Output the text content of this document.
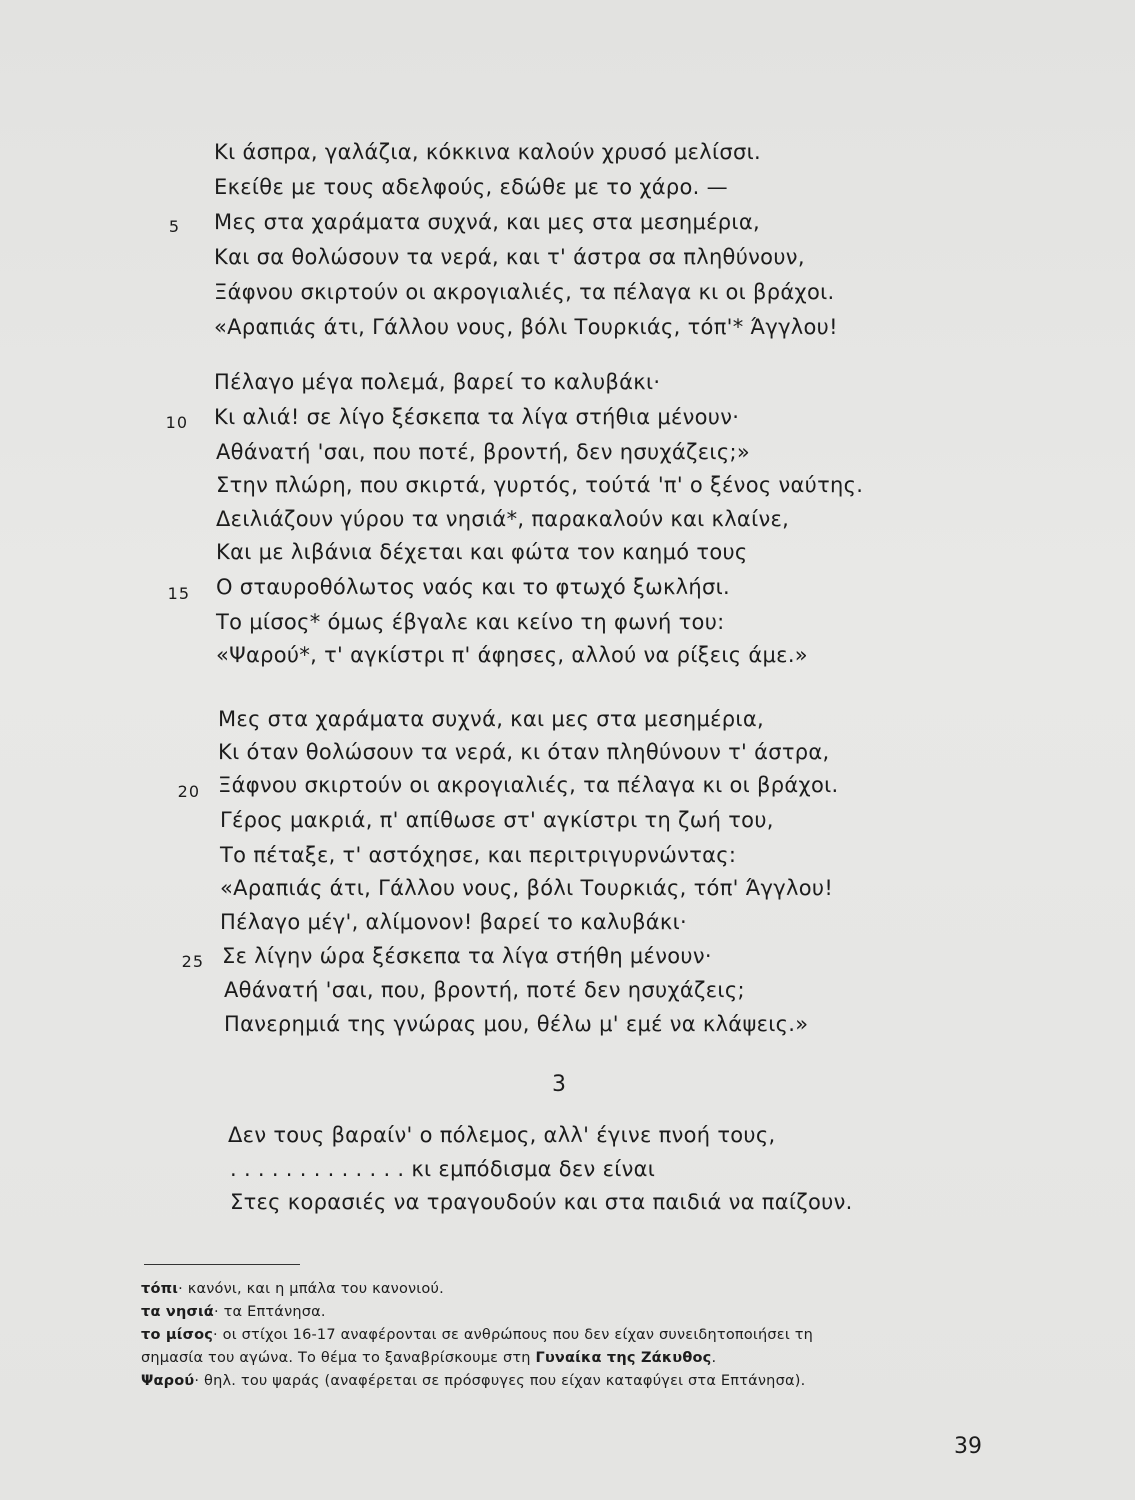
Κι άσπρα, γαλάζια, κόκκινα καλούν χρυσό μελίσσι.
Εκείθε με τους αδελφούς, εδώθε με το χάρο. —
5 Μες στα χαράματα συχνά, και μες στα μεσημέρια,
Και σα θολώσουν τα νερά, και τ' άστρα σα πληθύνουν,
Ξάφνου σκιρτούν οι ακρογιαλιές, τα πέλαγα κι οι βράχοι.
«Αραπιάς άτι, Γάλλου νους, βόλι Τουρκιάς, τόπ'* Άγγλου!
Πέλαγο μέγα πολεμά, βαρεί το καλυβάκι·
10 Κι αλιά! σε λίγο ξέσκεπα τα λίγα στήθια μένουν·
Αθάνατή 'σαι, που ποτέ, βροντή, δεν ησυχάζεις;»
Στην πλώρη, που σκιρτά, γυρτός, τούτά 'π' ο ξένος ναύτης.
Δειλιάζουν γύρου τα νησιά*, παρακαλούν και κλαίνε,
Και με λιβάνια δέχεται και φώτα τον καημό τους
15 Ο σταυροθόλωτος ναός και το φτωχό ξωκλήσι.
Το μίσος* όμως έβγαλε και κείνο τη φωνή του:
«Ψαρού*, τ' αγκίστρι π' άφησες, αλλού να ρίξεις άμε.»
Μες στα χαράματα συχνά, και μες στα μεσημέρια,
Κι όταν θολώσουν τα νερά, κι όταν πληθύνουν τ' άστρα,
20 Ξάφνου σκιρτούν οι ακρογιαλιές, τα πέλαγα κι οι βράχοι.
Γέρος μακριά, π' απίθωσε στ' αγκίστρι τη ζωή του,
Το πέταξε, τ' αστόχησε, και περιτριγυρνώντας:
«Αραπιάς άτι, Γάλλου νους, βόλι Τουρκιάς, τόπ' Άγγλου!
Πέλαγο μέγ', αλίμονον! βαρεί το καλυβάκι·
25 Σε λίγην ώρα ξέσκεπα τα λίγα στήθη μένουν·
Αθάνατή 'σαι, που, βροντή, ποτέ δεν ησυχάζεις;
Πανερημιά της γνώρας μου, θέλω μ' εμέ να κλάψεις.»
3
Δεν τους βαραίν' ο πόλεμος, αλλ' έγινε πνοή τους,
. . . . . . . . . . . . . κι εμπόδισμα δεν είναι
Στες κορασιές να τραγουδούν και στα παιδιά να παίζουν.
τόπι· κανόνι, και η μπάλα του κανονιού.
τα νησιά· τα Επτάνησα.
το μίσος· οι στίχοι 16-17 αναφέρονται σε ανθρώπους που δεν είχαν συνειδητοποιήσει τη
σημασία του αγώνα. Το θέμα το ξαναβρίσκουμε στη Γυναίκα της Ζάκυθος.
Ψαρού· θηλ. του ψαράς (αναφέρεται σε πρόσφυγες που είχαν καταφύγει στα Επτάνησα).
39
